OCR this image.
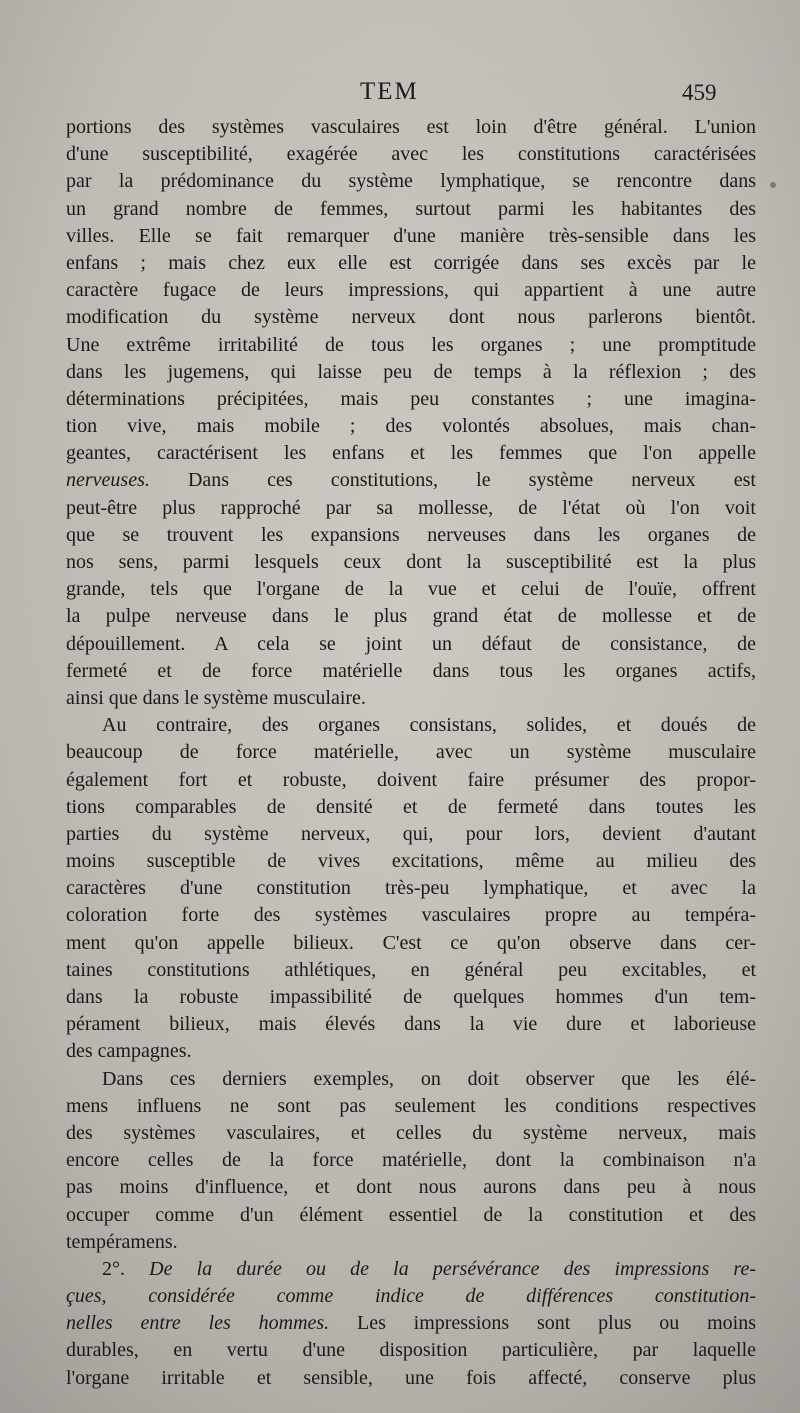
TEM	459
portions des systèmes vasculaires est loin d'être général. L'union
d'une susceptibilité, exagérée avec les constitutions caractérisées
par la prédominance du système lymphatique, se rencontre dans
un grand nombre de femmes, surtout parmi les habitantes des
villes. Elle se fait remarquer d'une manière très-sensible dans les
enfans ; mais chez eux elle est corrigée dans ses excès par le
caractère fugace de leurs impressions, qui appartient à une autre
modification du système nerveux dont nous parlerons bientôt.
Une extrême irritabilité de tous les organes ; une promptitude
dans les jugemens, qui laisse peu de temps à la réflexion ; des
déterminations précipitées, mais peu constantes ; une imagina-
tion vive, mais mobile ; des volontés absolues, mais chan-
geantes, caractérisent les enfans et les femmes que l'on appelle
nerveuses. Dans ces constitutions, le système nerveux est
peut-être plus rapproché par sa mollesse, de l'état où l'on voit
que se trouvent les expansions nerveuses dans les organes de
nos sens, parmi lesquels ceux dont la susceptibilité est la plus
grande, tels que l'organe de la vue et celui de l'ouïe, offrent
la pulpe nerveuse dans le plus grand état de mollesse et de
dépouillement. A cela se joint un défaut de consistance, de
fermeté et de force matérielle dans tous les organes actifs,
ainsi que dans le système musculaire.
Au contraire, des organes consistans, solides, et doués de
beaucoup de force matérielle, avec un système musculaire
également fort et robuste, doivent faire présumer des propor-
tions comparables de densité et de fermeté dans toutes les
parties du système nerveux, qui, pour lors, devient d'autant
moins susceptible de vives excitations, même au milieu des
caractères d'une constitution très-peu lymphatique, et avec la
coloration forte des systèmes vasculaires propre au tempéra-
ment qu'on appelle bilieux. C'est ce qu'on observe dans cer-
taines constitutions athlétiques, en général peu excitables, et
dans la robuste impassibilité de quelques hommes d'un tem-
pérament bilieux, mais élevés dans la vie dure et laborieuse
des campagnes.
Dans ces derniers exemples, on doit observer que les élé-
mens influens ne sont pas seulement les conditions respectives
des systèmes vasculaires, et celles du système nerveux, mais
encore celles de la force matérielle, dont la combinaison n'a
pas moins d'influence, et dont nous aurons dans peu à nous
occuper comme d'un élément essentiel de la constitution et des
tempéramens.
2°. De la durée ou de la persévérance des impressions re-
çues, considérée comme indice de différences constitution-
nelles entre les hommes. Les impressions sont plus ou moins
durables, en vertu d'une disposition particulière, par laquelle
l'organe irritable et sensible, une fois affecté, conserve plus
